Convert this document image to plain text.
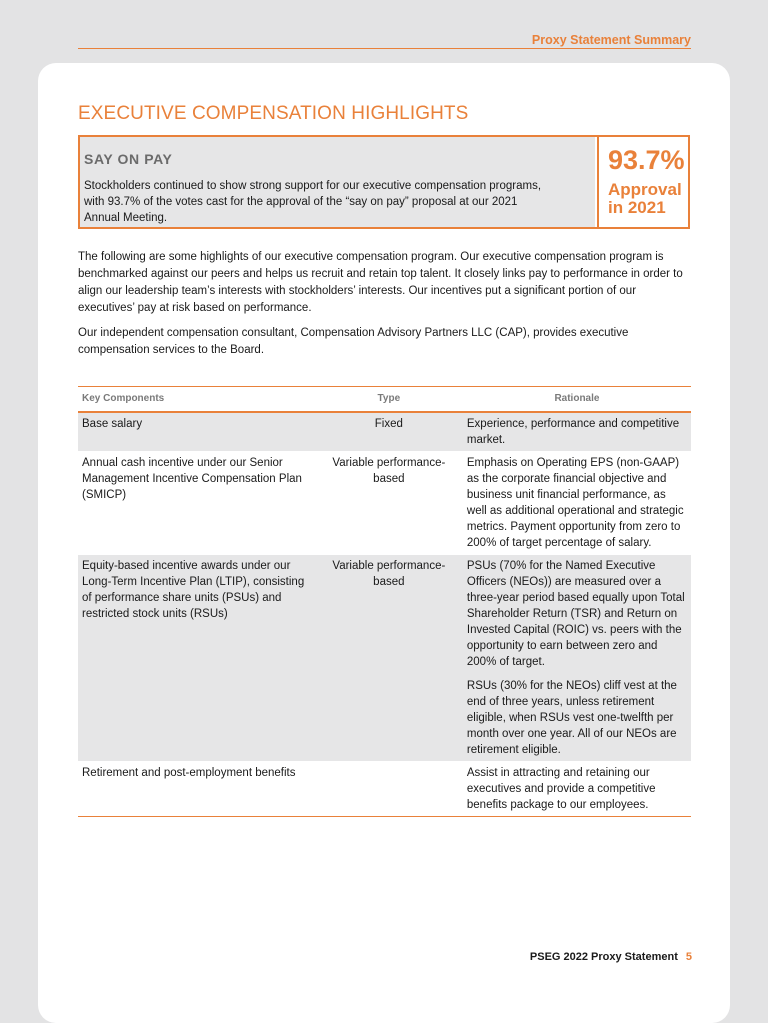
Proxy Statement Summary
EXECUTIVE COMPENSATION HIGHLIGHTS
SAY ON PAY
Stockholders continued to show strong support for our executive compensation programs, with 93.7% of the votes cast for the approval of the “say on pay” proposal at our 2021 Annual Meeting.
93.7%
Approval in 2021

The following are some highlights of our executive compensation program. Our executive compensation program is benchmarked against our peers and helps us recruit and retain top talent. It closely links pay to performance in order to align our leadership team’s interests with stockholders’ interests. Our incentives put a significant portion of our executives’ pay at risk based on performance.

Our independent compensation consultant, Compensation Advisory Partners LLC (CAP), provides executive compensation services to the Board.

Key Components	Type	Rationale
Base salary	Fixed	Experience, performance and competitive market.

Annual cash incentive under our Senior Management Incentive Compensation Plan (SMICP)	Variable performance-based	Emphasis on Operating EPS (non-GAAP) as the corporate financial objective and business unit financial performance, as well as additional operational and strategic metrics. Payment opportunity from zero to 200% of target percentage of salary.

Equity-based incentive awards under our Long-Term Incentive Plan (LTIP), consisting of performance share units (PSUs) and restricted stock units (RSUs)	Variable performance-based	PSUs (70% for the Named Executive Officers (NEOs)) are measured over a three-year period based equally upon Total Shareholder Return (TSR) and Return on Invested Capital (ROIC) vs. peers with the opportunity to earn between zero and 200% of target.

RSUs (30% for the NEOs) cliff vest at the end of three years, unless retirement eligible, when RSUs vest one-twelfth per month over one year. All of our NEOs are retirement eligible.

Retirement and post-employment benefits		Assist in attracting and retaining our executives and provide a competitive benefits package to our employees.

PSEG 2022 Proxy Statement 5
